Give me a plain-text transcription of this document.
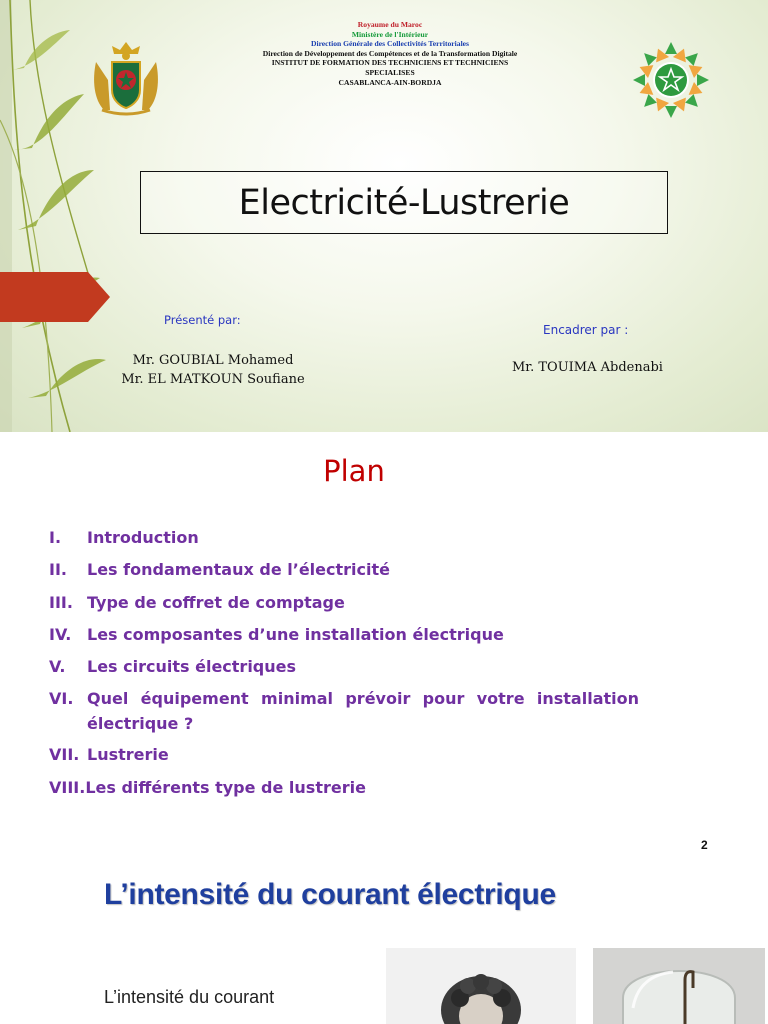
Royaume du Maroc
Ministère de l'Intérieur
Direction Générale des Collectivités Territoriales
Direction de Développement des Compétences et de la Transformation Digitale
INSTITUT DE FORMATION DES TECHNICIENS ET TECHNICIENS
SPECIALISES
CASABLANCA-AIN-BORDJA
Electricité-Lustrerie
Présenté par:
Mr. GOUBIAL Mohamed
Mr. EL MATKOUN Soufiane
Encadrer par :
Mr. TOUIMA Abdenabi
Plan
I.	Introduction
II.	Les fondamentaux de l’électricité
III. Type de coffret de comptage
IV. Les composantes d’une installation électrique
V.	Les circuits électriques
VI. Quel équipement minimal prévoir pour votre installation électrique ?
VII. Lustrerie
VIII. Les différents type de lustrerie
2
L’intensité du courant électrique
L’intensité du courant
